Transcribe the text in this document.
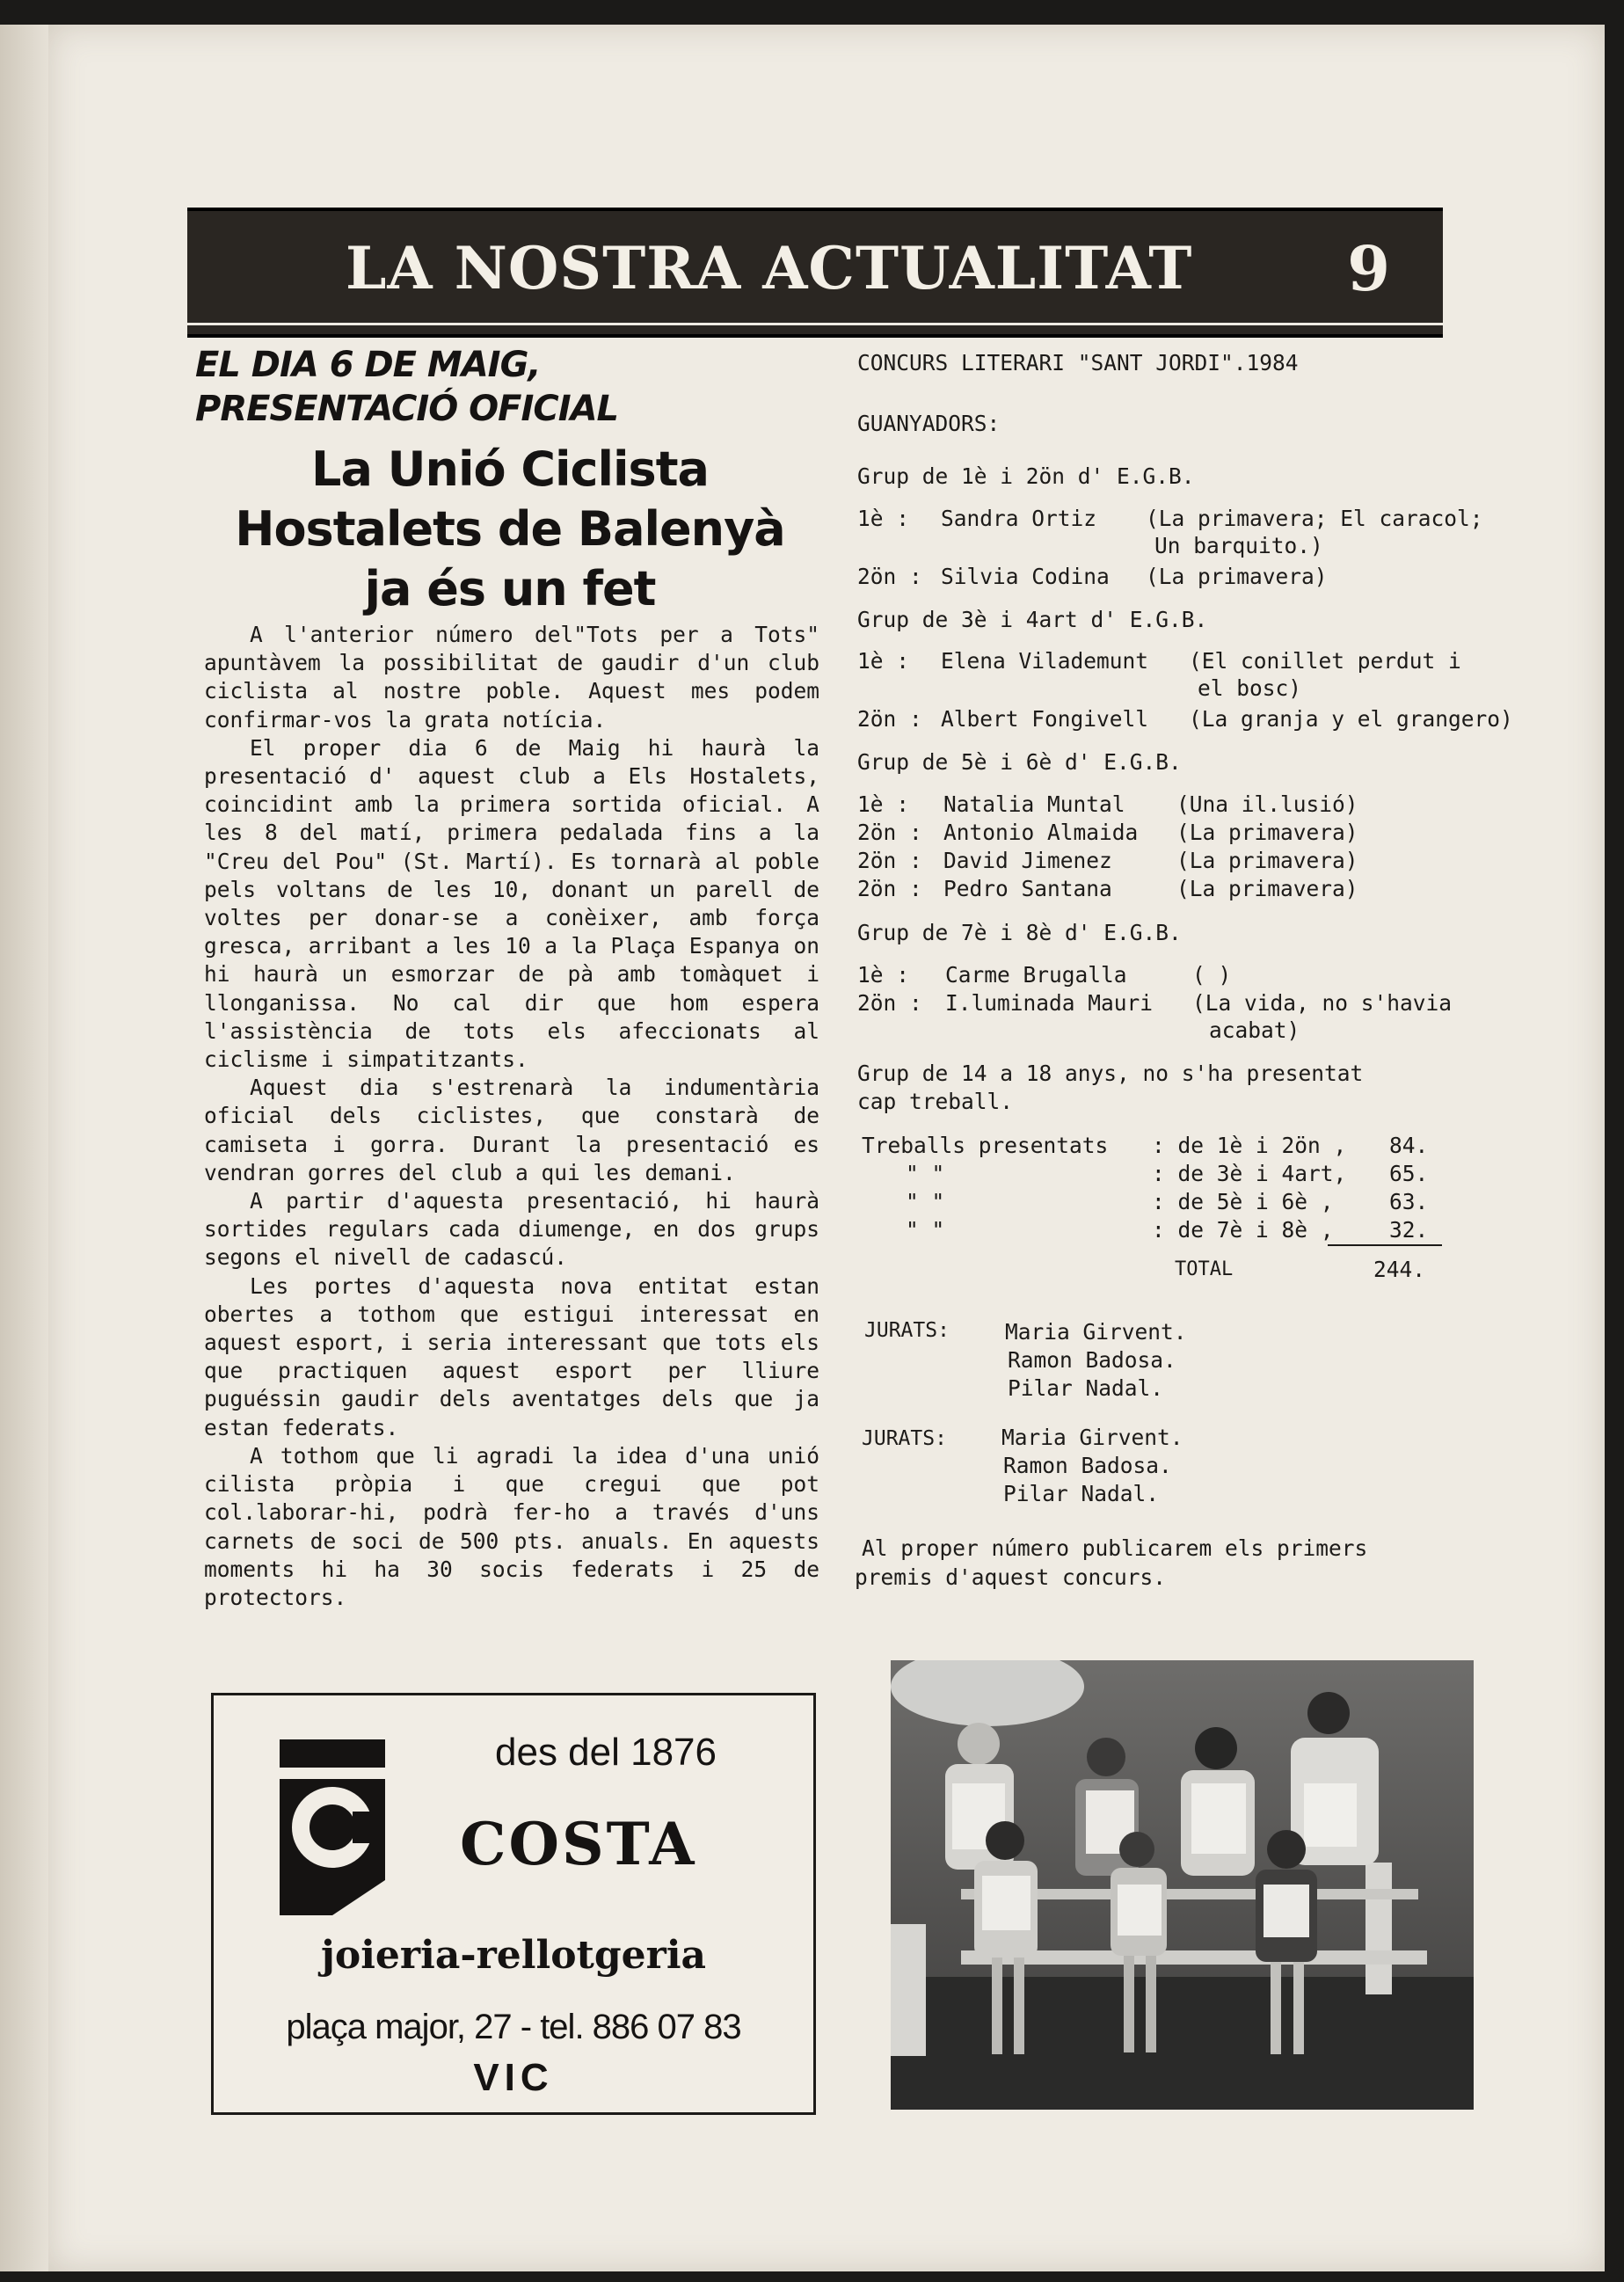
LA NOSTRA ACTUALITAT	9
EL DIA 6 DE MAIG,
PRESENTACIÓ OFICIAL
La Unió Ciclista
Hostalets de Balenyà
ja és un fet

A l'anterior número del"Tots per a Tots" apuntàvem la possibilitat de gaudir d'un club ciclista al nostre poble. Aquest mes podem confirmar-vos la grata notícia.

El proper dia 6 de Maig hi haurà la presentació d' aquest club a Els Hostalets, coincidint amb la primera sortida oficial. A les 8 del matí, primera pedalada fins a la "Creu del Pou" (St. Martí). Es tornarà al poble pels voltans de les 10, donant un parell de voltes per donar-se a conèixer, amb força gresca, arribant a les 10 a la Plaça Espanya on hi haurà un esmorzar de pà amb tomàquet i llonganissa. No cal dir que hom espera l'assistència de tots els afeccionats al ciclisme i simpatitzants.

Aquest dia s'estrenarà la indumentària oficial dels ciclistes, que constarà de camiseta i gorra. Durant la presentació es vendran gorres del club a qui les demani.

A partir d'aquesta presentació, hi haurà sortides regulars cada diumenge, en dos grups segons el nivell de cadascú.

Les portes d'aquesta nova entitat estan obertes a tothom que estigui interessat en aquest esport, i seria interessant que tots els que practiquen aquest esport per lliure puguéssin gaudir dels aventatges dels que ja estan federats.

A tothom que li agradi la idea d'una unió cilista pròpia i que cregui que pot col.laborar-hi, podrà fer-ho a través d'uns carnets de soci de 500 pts. anuals. En aquests moments hi ha 30 socis federats i 25 de protectors.

CONCURS LITERARI "SANT JORDI".1984
GUANYADORS:
Grup de 1è i 2ön d' E.G.B.
1è : Sandra Ortiz (La primavera; El caracol;
Un barquito.)
2ön : Silvia Codina (La primavera)
Grup de 3è i 4art d' E.G.B.
1è : Elena Vilademunt (El conillet perdut i
el bosc)
2ön : Albert Fongivell (La granja y el grangero)
Grup de 5è i 6è d' E.G.B.
1è : Natalia Muntal (Una il.lusió)
2ön : Antonio Almaida (La primavera)
2ön : David Jimenez	(La primavera)
2ön : Pedro Santana	(La primavera)
Grup de 7è i 8è d' E.G.B.
1è : Carme Brugalla	( )
2ön : I.luminada Mauri (La vida, no s'havia
acabat)
Grup de 14 a 18 anys, no s'ha presentat
cap treball.
Treballs presentats : de 1è i 2ön , 84.
" "	: de 3è i 4art, 65.
" "	: de 5è i 6è ,	63.
" "	: de 7è i 8è ,	32.
TOTAL	244.
JURATS:	Maria Girvent.
Ramon Badosa.
Pilar Nadal.
JURATS:	Maria Girvent.
Ramon Badosa.
Pilar Nadal.
Al proper número publicarem els primers
premis d'aquest concurs.
des del 1876
COSTA
joieria-rellotgeria
plaça major, 27 - tel. 886 07 83
VIC
